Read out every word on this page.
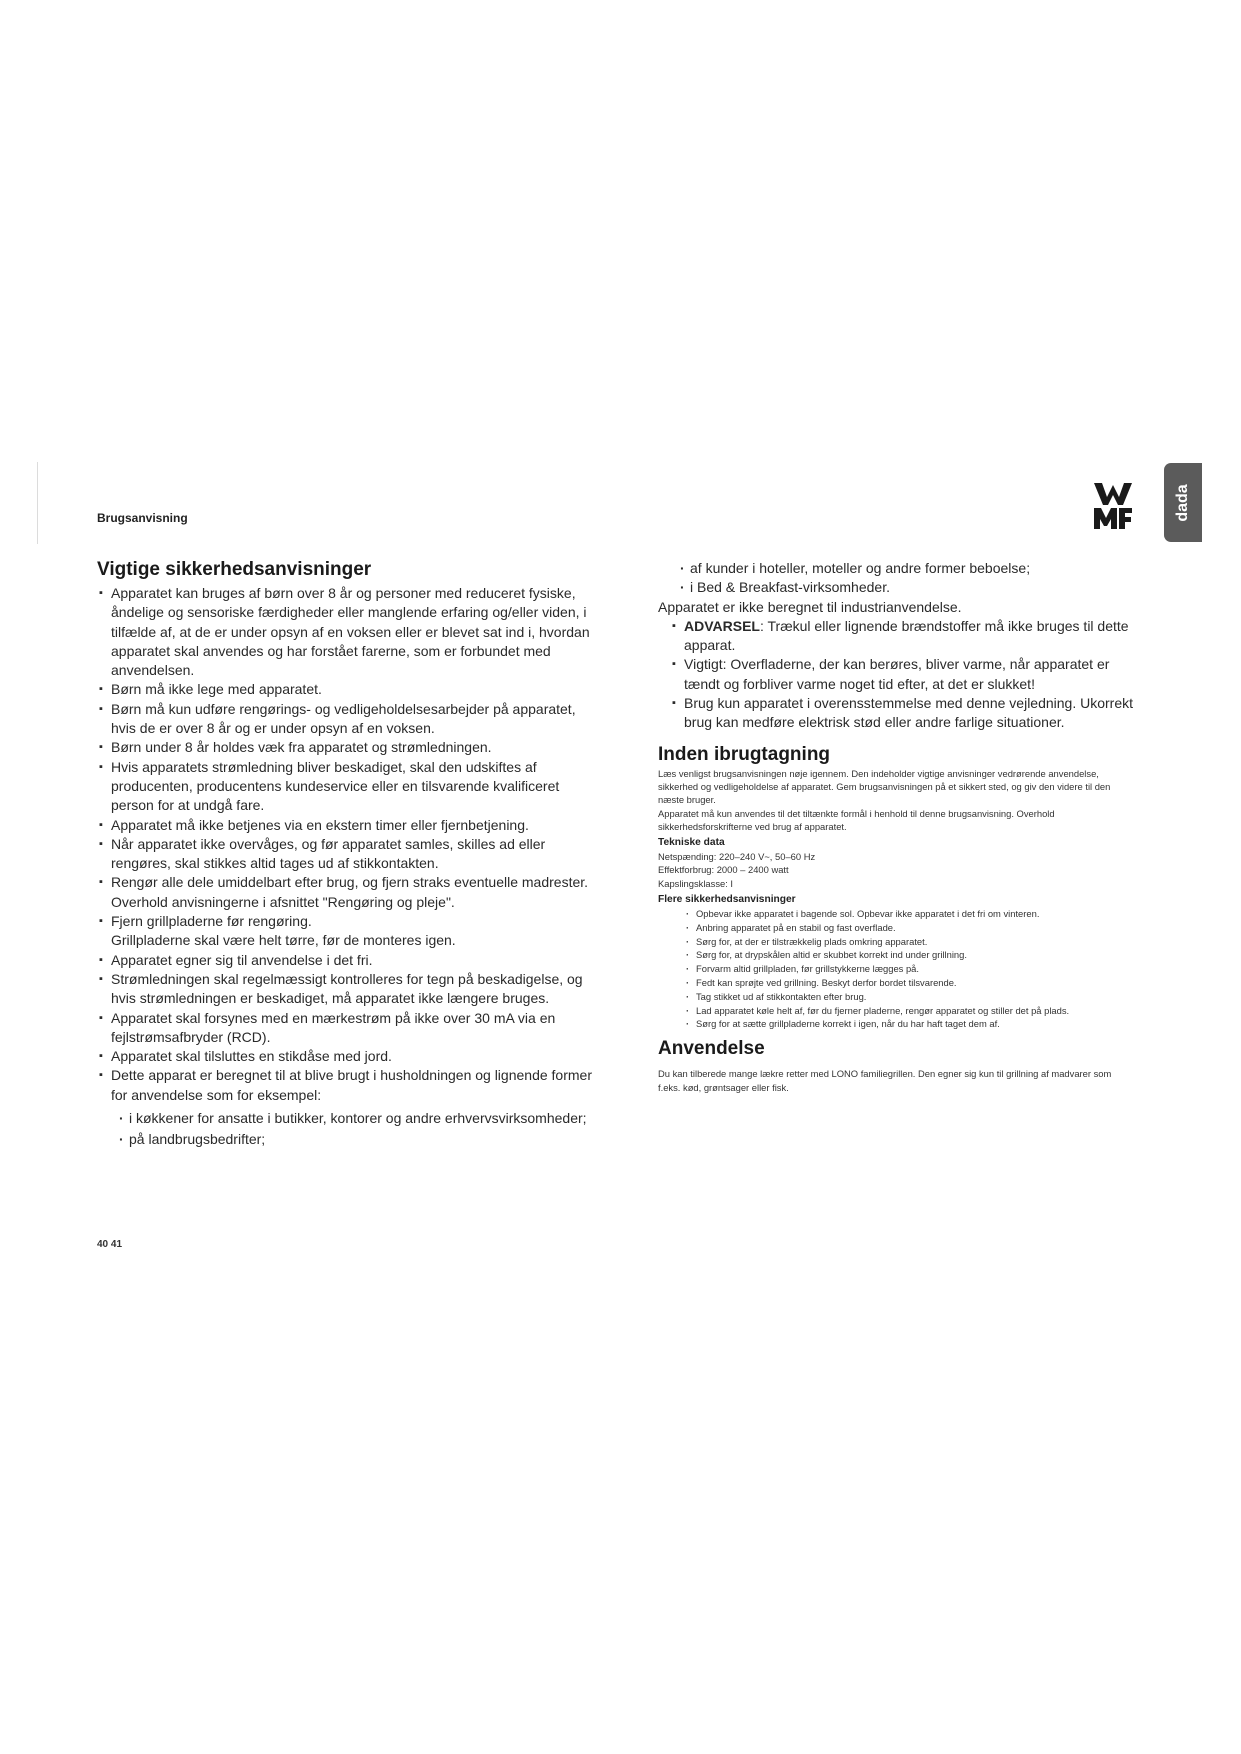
Brugsanvisning	dada
Vigtige sikkerhedsanvisninger

▪ Apparatet kan bruges af børn over 8 år og personer med reduceret fysiske, åndelige og sensoriske færdigheder eller manglende erfaring og/eller viden, i tilfælde af, at de er under opsyn af en voksen eller er blevet sat ind i, hvordan apparatet skal anvendes og har forstået farerne, som er forbundet med anvendelsen.

▪ Børn må ikke lege med apparatet.

▪ Børn må kun udføre rengørings- og vedligeholdelsesarbejder på apparatet, hvis de er over 8 år og er under opsyn af en voksen.

▪ Børn under 8 år holdes væk fra apparatet og strømledningen.

▪ Hvis apparatets strømledning bliver beskadiget, skal den udskiftes af producenten, producentens kundeservice eller en tilsvarende kvalificeret person for at undgå fare.

▪ Apparatet må ikke betjenes via en ekstern timer eller fjernbetjening.

▪ Når apparatet ikke overvåges, og før apparatet samles, skilles ad eller rengøres, skal stikkes altid tages ud af stikkontakten.

▪ Rengør alle dele umiddelbart efter brug, og fjern straks eventuelle madrester.

Overhold anvisningerne i afsnittet "Rengøring og pleje".

▪ Fjern grillpladerne før rengøring.

Grillpladerne skal være helt tørre, før de monteres igen.

▪ Apparatet egner sig til anvendelse i det fri.

▪ Strømledningen skal regelmæssigt kontrolleres for tegn på beskadigelse, og hvis strømledningen er beskadiget, må apparatet ikke længere bruges.

▪ Apparatet skal forsynes med en mærkestrøm på ikke over 30 mA via en fejlstrømsafbryder (RCD).

▪ Apparatet skal tilsluttes en stikdåse med jord.

▪ Dette apparat er beregnet til at blive brugt i husholdningen og lignende former for anvendelse som for eksempel:

· i køkkener for ansatte i butikker, kontorer og andre erhvervsvirksomheder;

· på landbrugsbedrifter;

· af kunder i hoteller, moteller og andre former beboelse;

· i Bed & Breakfast-virksomheder.

Apparatet er ikke beregnet til industrianvendelse.

▪ ADVARSEL: Trækul eller lignende brændstoffer må ikke bruges til dette apparat.

▪ Vigtigt: Overfladerne, der kan berøres, bliver varme, når apparatet er tændt og forbliver varme noget tid efter, at det er slukket!

▪ Brug kun apparatet i overensstemmelse med denne vejledning. Ukorrekt brug kan medføre elektrisk stød eller andre farlige situationer.

Inden ibrugtagning

Læs venligst brugsanvisningen nøje igennem. Den indeholder vigtige anvisninger vedrørende anvendelse, sikkerhed og vedligeholdelse af apparatet. Gem brugsanvisningen på et sikkert sted, og giv den videre til den næste bruger.

Apparatet må kun anvendes til det tiltænkte formål i henhold til denne brugsanvisning. Overhold sikkerhedsforskrifterne ved brug af apparatet.

Tekniske data

Netspænding: 220–240 V~, 50–60 Hz

Effektforbrug: 2000 – 2400 watt

Kapslingsklasse: I

Flere sikkerhedsanvisninger

· Opbevar ikke apparatet i bagende sol. Opbevar ikke apparatet i det fri om vinteren.

· Anbring apparatet på en stabil og fast overflade.

· Sørg for, at der er tilstrækkelig plads omkring apparatet.

· Sørg for, at drypskålen altid er skubbet korrekt ind under grillning.

· Forvarm altid grillpladen, før grillstykkerne lægges på.

· Fedt kan sprøjte ved grillning. Beskyt derfor bordet tilsvarende.

· Tag stikket ud af stikkontakten efter brug.

· Lad apparatet køle helt af, før du fjerner pladerne, rengør apparatet og stiller det på plads.

· Sørg for at sætte grillpladerne korrekt i igen, når du har haft taget dem af.

Anvendelse

Du kan tilberede mange lækre retter med LONO familiegrillen. Den egner sig kun til grillning af madvarer som f.eks. kød, grøntsager eller fisk.

40 41
